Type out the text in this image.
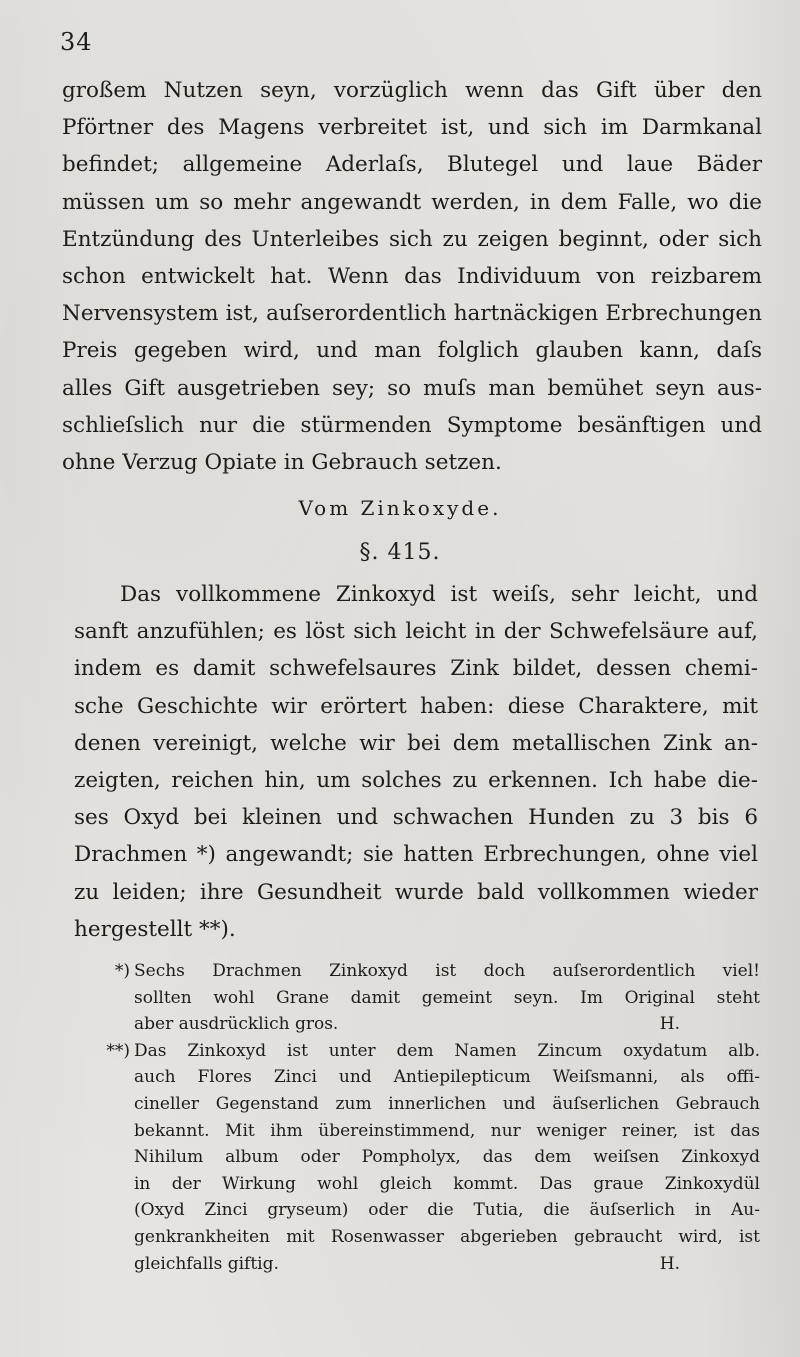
34
großem Nutzen seyn, vorzüglich wenn das Gift über den
Pförtner des Magens verbreitet ist, und sich im Darmkanal
befindet; allgemeine Aderlaſs, Blutegel und laue Bäder
müssen um so mehr angewandt werden, in dem Falle, wo die
Entzündung des Unterleibes sich zu zeigen beginnt, oder sich
schon entwickelt hat. Wenn das Individuum von reizbarem
Nervensystem ist, auſserordentlich hartnäckigen Erbrechungen
Preis gegeben wird, und man folglich glauben kann, daſs
alles Gift ausgetrieben sey; so muſs man bemühet seyn aus-
schlieſslich nur die stürmenden Symptome besänftigen und
ohne Verzug Opiate in Gebrauch setzen.
Vom Zinkoxyde.
§. 415.
Das vollkommene Zinkoxyd ist weiſs, sehr leicht, und
sanft anzufühlen; es löst sich leicht in der Schwefelsäure auf,
indem es damit schwefelsaures Zink bildet, dessen chemi-
sche Geschichte wir erörtert haben: diese Charaktere, mit
denen vereinigt, welche wir bei dem metallischen Zink an-
zeigten, reichen hin, um solches zu erkennen. Ich habe die-
ses Oxyd bei kleinen und schwachen Hunden zu 3 bis 6
Drachmen *) angewandt; sie hatten Erbrechungen, ohne viel
zu leiden; ihre Gesundheit wurde bald vollkommen wieder
hergestellt **).
*) Sechs Drachmen Zinkoxyd ist doch auſserordentlich viel!
sollten wohl Grane damit gemeint seyn. Im Original steht
aber ausdrücklich gros.	H.
**) Das Zinkoxyd ist unter dem Namen Zincum oxydatum alb.
auch Flores Zinci und Antiepilepticum Weiſsmanni, als offi-
cineller Gegenstand zum innerlichen und äuſserlichen Gebrauch
bekannt. Mit ihm übereinstimmend, nur weniger reiner, ist das
Nihilum album oder Pompholyx, das dem weiſsen Zinkoxyd
in der Wirkung wohl gleich kommt. Das graue Zinkoxydül
(Oxyd Zinci gryseum) oder die Tutia, die äuſserlich in Au-
genkrankheiten mit Rosenwasser abgerieben gebraucht wird, ist
gleichfalls giftig.	H.
